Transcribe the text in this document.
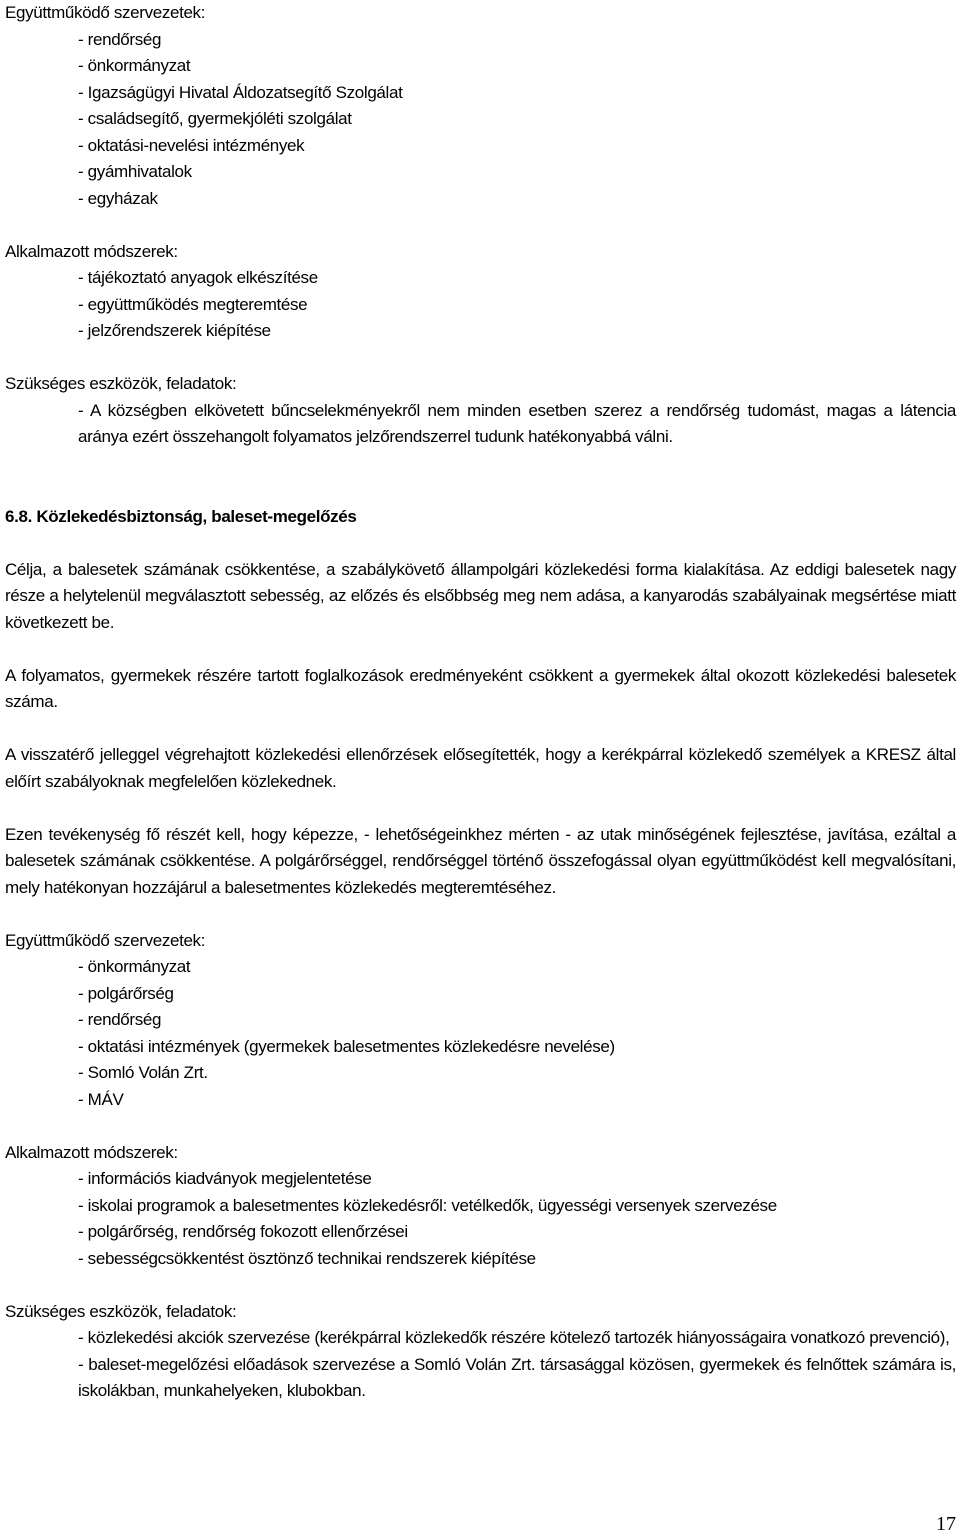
Együttműködő szervezetek:

- rendőrség
- önkormányzat
- Igazságügyi Hivatal Áldozatsegítő Szolgálat
- családsegítő, gyermekjóléti szolgálat
- oktatási-nevelési intézmények
- gyámhivatalok
- egyházak

Alkalmazott módszerek:

- tájékoztató anyagok elkészítése
- együttműködés megteremtése
- jelzőrendszerek kiépítése

Szükséges eszközök, feladatok:

- A községben elkövetett bűncselekményekről nem minden esetben szerez a rendőrség tudomást, magas a látencia aránya ezért összehangolt folyamatos jelzőrendszerrel tudunk hatékonyabbá válni.

6.8. Közlekedésbiztonság, baleset-megelőzés

Célja, a balesetek számának csökkentése, a szabálykövető állampolgári közlekedési forma kialakítása. Az eddigi balesetek nagy része a helytelenül megválasztott sebesség, az előzés és elsőbbség meg nem adása, a kanyarodás szabályainak megsértése miatt következett be.

A folyamatos, gyermekek részére tartott foglalkozások eredményeként csökkent a gyermekek által okozott közlekedési balesetek száma.

A visszatérő jelleggel végrehajtott közlekedési ellenőrzések elősegítették, hogy a kerékpárral közlekedő személyek a KRESZ által előírt szabályoknak megfelelően közlekednek.

Ezen tevékenység fő részét kell, hogy képezze, - lehetőségeinkhez mérten - az utak minőségének fejlesztése, javítása, ezáltal a balesetek számának csökkentése. A polgárőrséggel, rendőrséggel történő összefogással olyan együttműködést kell megvalósítani, mely hatékonyan hozzájárul a balesetmentes közlekedés megteremtéséhez.

Együttműködő szervezetek:

- önkormányzat
- polgárőrség
- rendőrség
- oktatási intézmények (gyermekek balesetmentes közlekedésre nevelése)
- Somló Volán Zrt.
- MÁV

Alkalmazott módszerek:

- információs kiadványok megjelentetése
- iskolai programok a balesetmentes közlekedésről: vetélkedők, ügyességi versenyek szervezése
- polgárőrség, rendőrség fokozott ellenőrzései
- sebességcsökkentést ösztönző technikai rendszerek kiépítése

Szükséges eszközök, feladatok:

- közlekedési akciók szervezése (kerékpárral közlekedők részére kötelező tartozék hiányosságaira vonatkozó prevenció),
- baleset-megelőzési előadások szervezése a Somló Volán Zrt. társasággal közösen, gyermekek és felnőttek számára is, iskolákban, munkahelyeken, klubokban.
17
